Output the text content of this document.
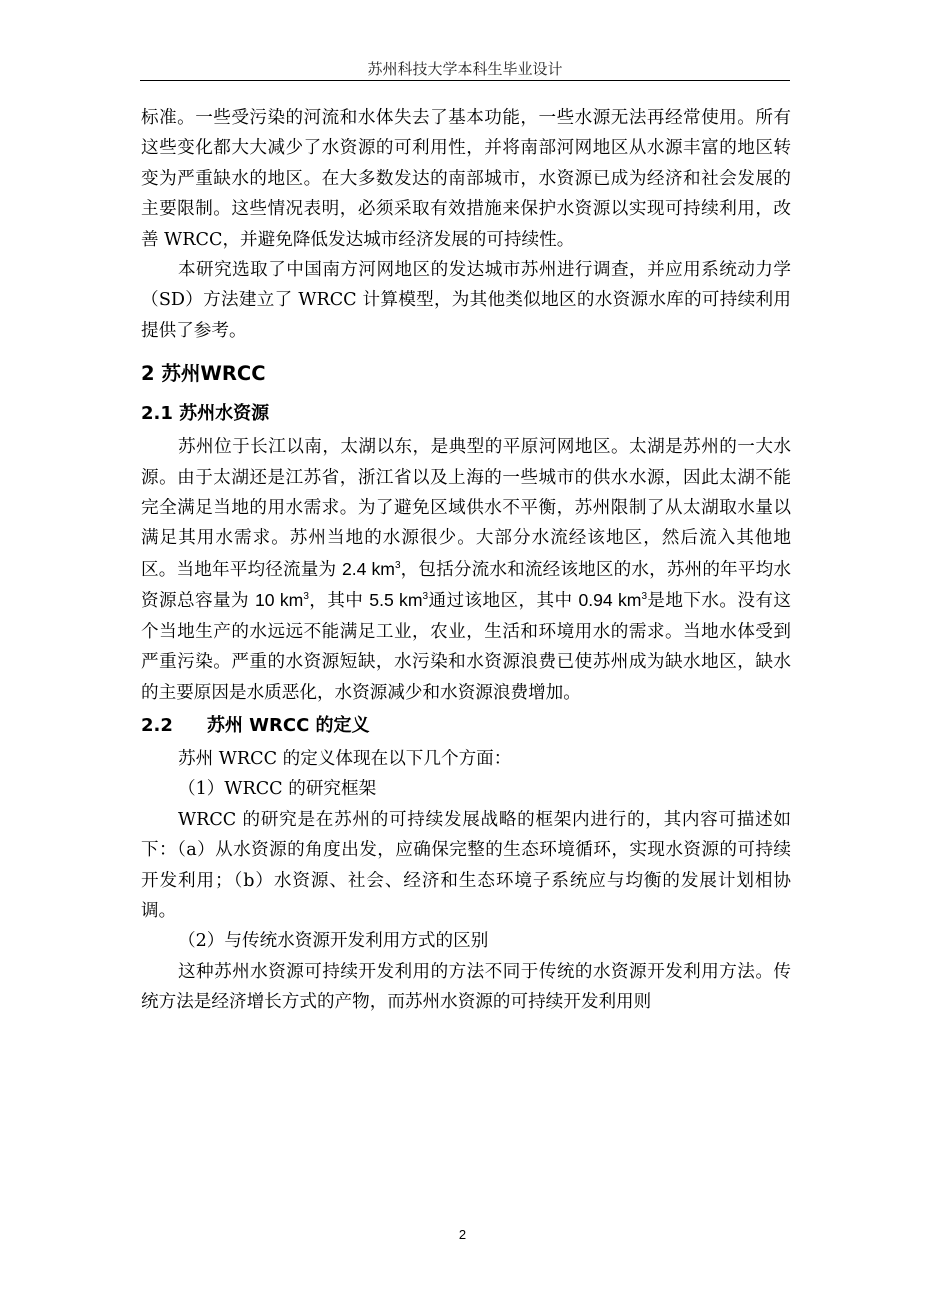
苏州科技大学本科生毕业设计

标准。一些受污染的河流和水体失去了基本功能，一些水源无法再经常使用。所有这些变化都大大减少了水资源的可利用性，并将南部河网地区从水源丰富的地区转变为严重缺水的地区。在大多数发达的南部城市，水资源已成为经济和社会发展的主要限制。这些情况表明，必须采取有效措施来保护水资源以实现可持续利用，改善 WRCC，并避免降低发达城市经济发展的可持续性。

本研究选取了中国南方河网地区的发达城市苏州进行调查，并应用系统动力学（SD）方法建立了 WRCC 计算模型，为其他类似地区的水资源水库的可持续利用提供了参考。

2 苏州WRCC
2.1 苏州水资源

苏州位于长江以南，太湖以东，是典型的平原河网地区。太湖是苏州的一大水源。由于太湖还是江苏省，浙江省以及上海的一些城市的供水水源，因此太湖不能完全满足当地的用水需求。为了避免区域供水不平衡，苏州限制了从太湖取水量以满足其用水需求。苏州当地的水源很少。大部分水流经该地区，然后流入其他地区。当地年平均径流量为 2.4 $km^3$，包括分流水和流经该地区的水，苏州的年平均水资源总容量为 10 $km^3$，其中 5.5 $km^3$通过该地区，其中 0.94 $km^3$是地下水。没有这个当地生产的水远远不能满足工业，农业，生活和环境用水的需求。当地水体受到严重污染。严重的水资源短缺，水污染和水资源浪费已使苏州成为缺水地区，缺水的主要原因是水质恶化，水资源减少和水资源浪费增加。

2.2 苏州 WRCC 的定义

苏州 WRCC 的定义体现在以下几个方面：

（1）WRCC 的研究框架

WRCC 的研究是在苏州的可持续发展战略的框架内进行的，其内容可描述如下：（a）从水资源的角度出发，应确保完整的生态环境循环，实现水资源的可持续开发利用；（b）水资源、社会、经济和生态环境子系统应与均衡的发展计划相协调。

（2）与传统水资源开发利用方式的区别

这种苏州水资源可持续开发利用的方法不同于传统的水资源开发利用方法。传统方法是经济增长方式的产物，而苏州水资源的可持续开发利用则

2
